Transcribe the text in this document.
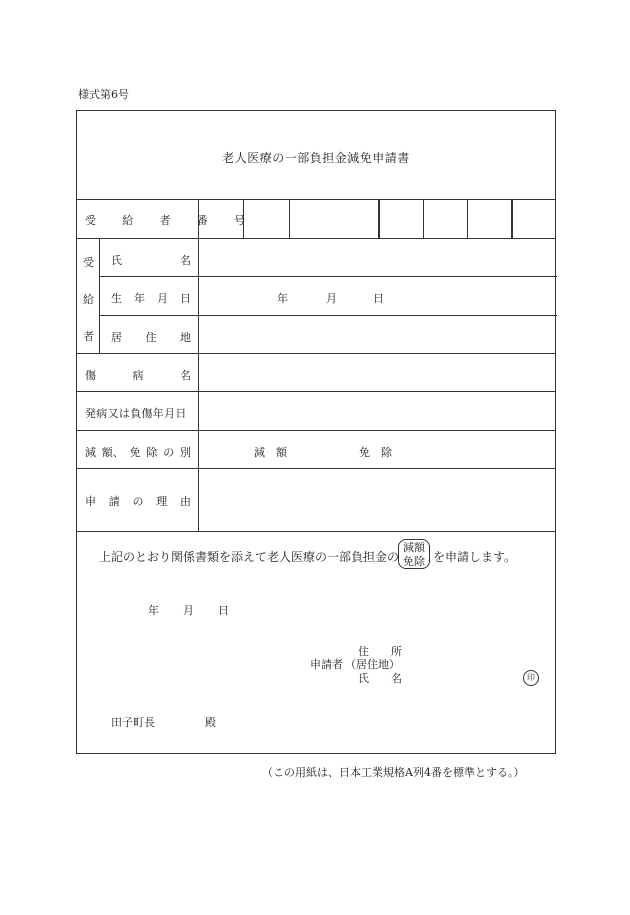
様式第6号
老人医療の一部負担金減免申請書
受 給 者 番 号
受
給
者
氏	名
生 年 月 日	年	月	日
居 住 地
傷	病	名
発病又は負傷年月日
減 額、 免 除 の 別	減　額	免　除
申 請 の 理 由
上記のとおり関係書類を添えて老人医療の一部負担金の
減額
免除 を申請します。
年 月 日
住　　所
申請者 （居住地）
氏　　名	印
田子町長	殿
（この用紙は、日本工業規格A列4番を標準とする。）
